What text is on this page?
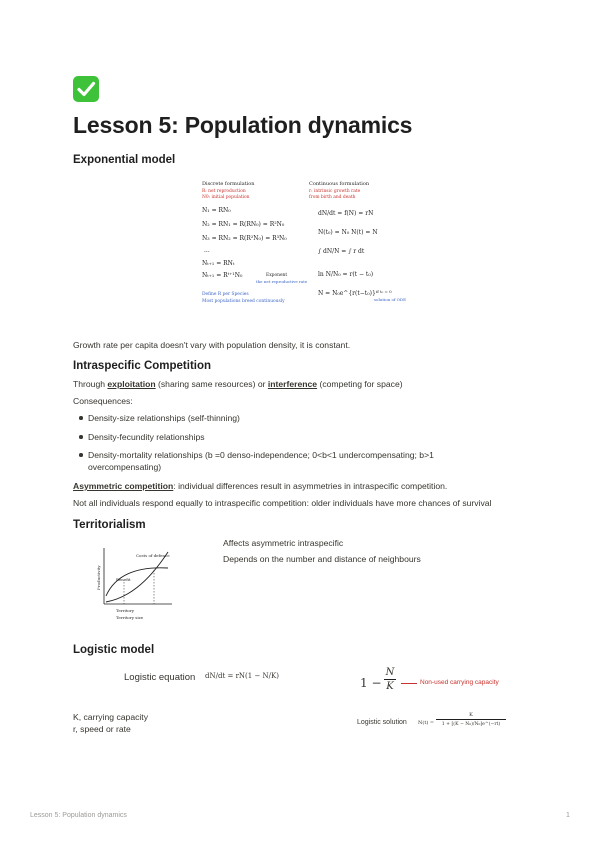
Lesson 5: Population dynamics
Exponential model
Discrete formulation
R: net reproduction
N0: initial population
N₁ = RN₀
N₂ = RN₁ = R(RN₀) = R²N₀
N₃ = RN₂ = R(R²N₀) = R³N₀
...
Nₜ₊₁ = RNₜ
Nₜ₊₁ = Rᵗ⁺¹N₀	Exponent
the net reproductive rate
Define R per Species
Most populations breed continuously
Continuous formulation
r: intrinsic growth rate
from birth and death
dN/dt = f(N) = rN
N(t₀) = N₀ N(t) = N
∫ dN/N = ∫ r dt
ln N/N₀ = r(t − t₀)
N = N₀e^{r(t−t₀)} if t₀ = 0
solution of ODE
Growth rate per capita doesn't vary with population density, it is constant.
Intraspecific Competition
Through exploitation (sharing same resources) or interference (competing for space)
Consequences:
Density-size relationships (self-thinning)
Density-fecundity relationships
Density-mortality relationships (b =0 denso-independence; 0<b<1 undercompensating; b>1
overcompensating)
Asymmetric competition: individual differences result in asymmetries in intraspecific competition.
Not all individuals respond equally to intraspecific competition: older individuals have more chances of survival
Territorialism
Productivity
Costs of defence
Benefit
Territory
Territory size
Affects asymmetric intraspecific
Depends on the number and distance of neighbours
Logistic model
Logistic equation dN/dt = rN(1 − N/K)	1 −
N
K	Non-used carrying capacity
K, carrying capacity
r, speed or rate
Logistic solution N(t) =
K
1 + [(K − N₀)/N₀]e^(−rt)
Lesson 5: Population dynamics	1
